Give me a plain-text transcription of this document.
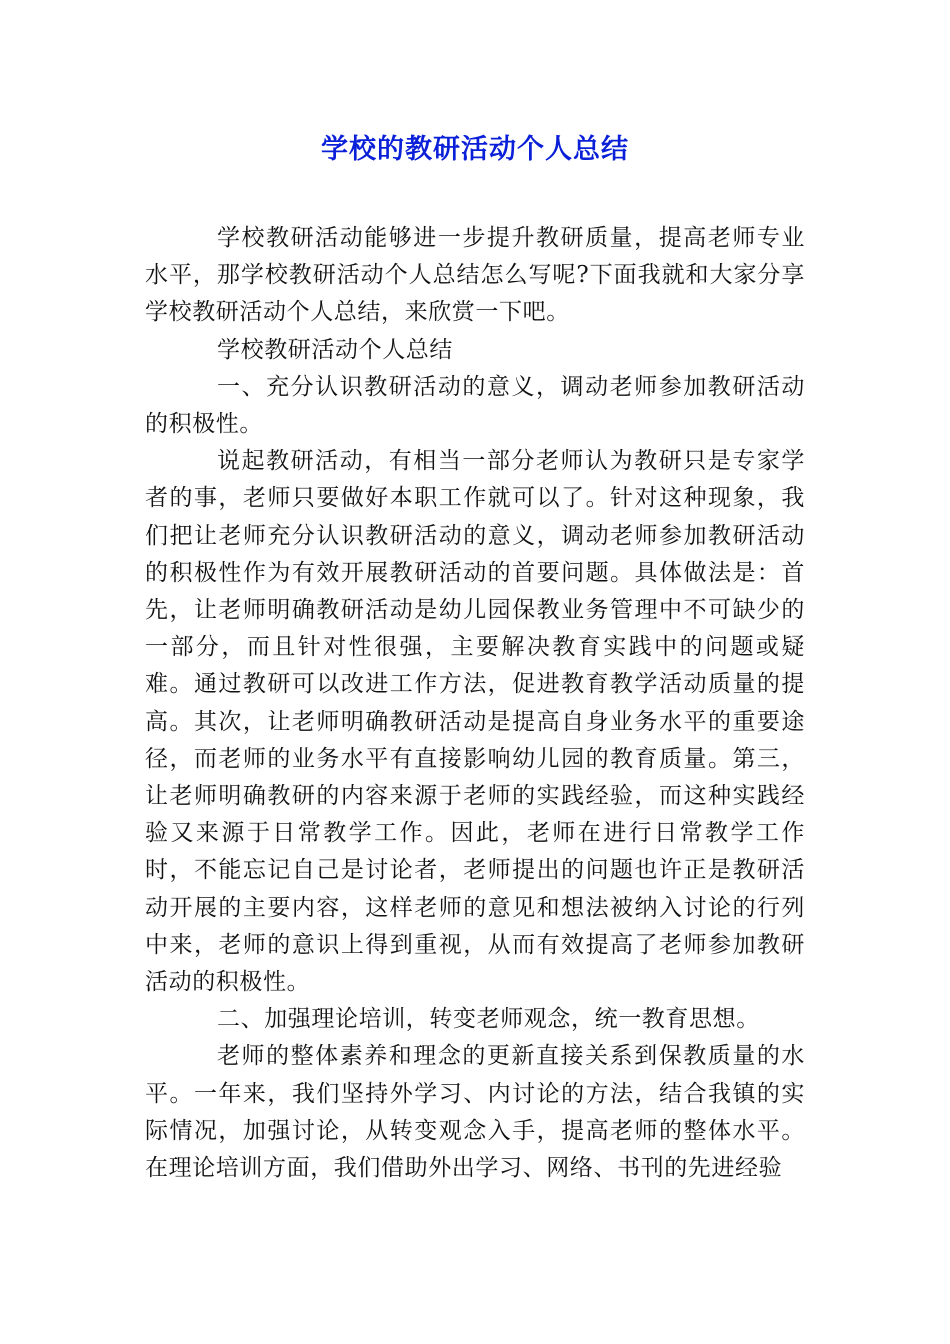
学校的教研活动个人总结

学校教研活动能够进一步提升教研质量，提高老师专业水平，那学校教研活动个人总结怎么写呢?下面我就和大家分享学校教研活动个人总结，来欣赏一下吧。

学校教研活动个人总结

一、充分认识教研活动的意义，调动老师参加教研活动的积极性。

说起教研活动，有相当一部分老师认为教研只是专家学者的事，老师只要做好本职工作就可以了。针对这种现象，我们把让老师充分认识教研活动的意义，调动老师参加教研活动的积极性作为有效开展教研活动的首要问题。具体做法是：首先，让老师明确教研活动是幼儿园保教业务管理中不可缺少的一部分，而且针对性很强，主要解决教育实践中的问题或疑难。通过教研可以改进工作方法，促进教育教学活动质量的提高。其次，让老师明确教研活动是提高自身业务水平的重要途径，而老师的业务水平有直接影响幼儿园的教育质量。第三，让老师明确教研的内容来源于老师的实践经验，而这种实践经验又来源于日常教学工作。因此，老师在进行日常教学工作时，不能忘记自己是讨论者，老师提出的问题也许正是教研活动开展的主要内容，这样老师的意见和想法被纳入讨论的行列中来，老师的意识上得到重视，从而有效提高了老师参加教研活动的积极性。

二、加强理论培训，转变老师观念，统一教育思想。

老师的整体素养和理念的更新直接关系到保教质量的水平。一年来，我们坚持外学习、内讨论的方法，结合我镇的实际情况，加强讨论，从转变观念入手，提高老师的整体水平。在理论培训方面，我们借助外出学习、网络、书刊的先进经验
